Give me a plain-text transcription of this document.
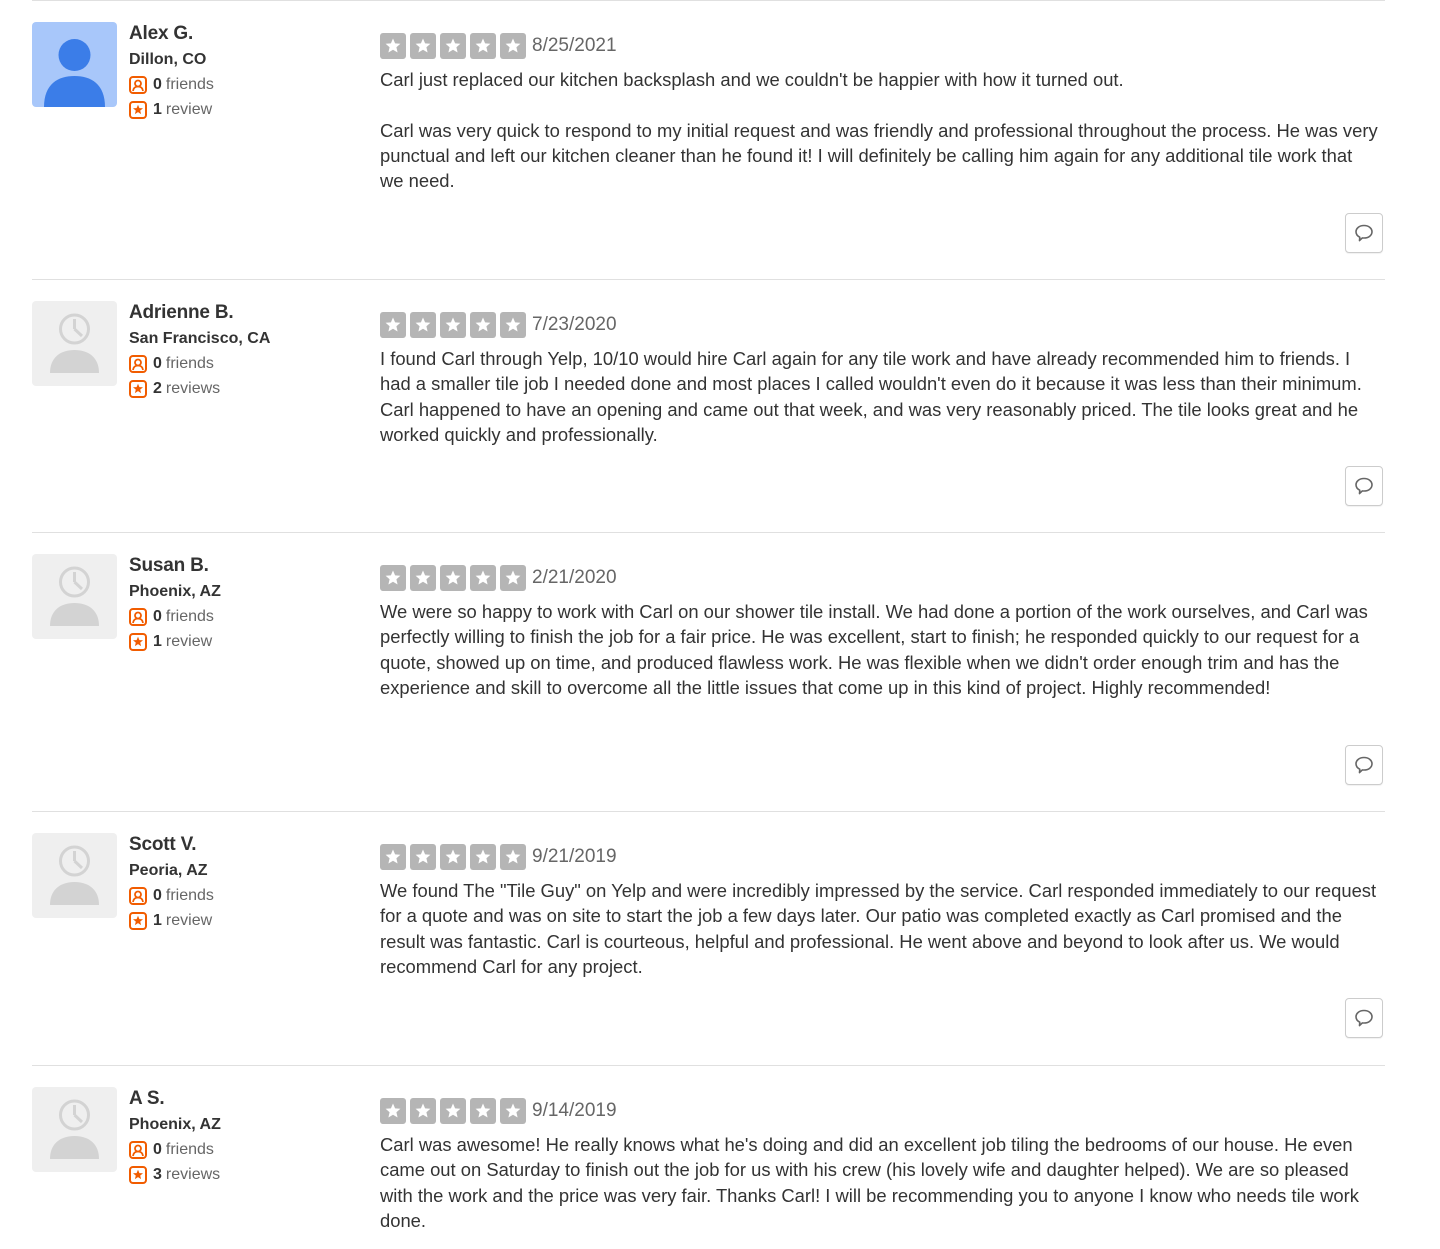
Alex G.
Dillon, CO
0 friends
1 review
8/25/2021

Carl just replaced our kitchen backsplash and we couldn't be happier with how it turned out.

Carl was very quick to respond to my initial request and was friendly and professional throughout the process. He was very punctual and left our kitchen cleaner than he found it! I will definitely be calling him again for any additional tile work that we need.

Adrienne B.
San Francisco, CA
0 friends
2 reviews
7/23/2020

I found Carl through Yelp, 10/10 would hire Carl again for any tile work and have already recommended him to friends. I had a smaller tile job I needed done and most places I called wouldn't even do it because it was less than their minimum. Carl happened to have an opening and came out that week, and was very reasonably priced. The tile looks great and he worked quickly and professionally.

Susan B.
Phoenix, AZ
0 friends
1 review
2/21/2020

We were so happy to work with Carl on our shower tile install. We had done a portion of the work ourselves, and Carl was perfectly willing to finish the job for a fair price. He was excellent, start to finish; he responded quickly to our request for a quote, showed up on time, and produced flawless work. He was flexible when we didn't order enough trim and has the experience and skill to overcome all the little issues that come up in this kind of project. Highly recommended!

Scott V.
Peoria, AZ
0 friends
1 review
9/21/2019

We found The "Tile Guy" on Yelp and were incredibly impressed by the service. Carl responded immediately to our request for a quote and was on site to start the job a few days later. Our patio was completed exactly as Carl promised and the result was fantastic. Carl is courteous, helpful and professional. He went above and beyond to look after us. We would recommend Carl for any project.

A S.
Phoenix, AZ
0 friends
3 reviews
9/14/2019

Carl was awesome! He really knows what he's doing and did an excellent job tiling the bedrooms of our house. He even came out on Saturday to finish out the job for us with his crew (his lovely wife and daughter helped). We are so pleased with the work and the price was very fair. Thanks Carl! I will be recommending you to anyone I know who needs tile work done.
